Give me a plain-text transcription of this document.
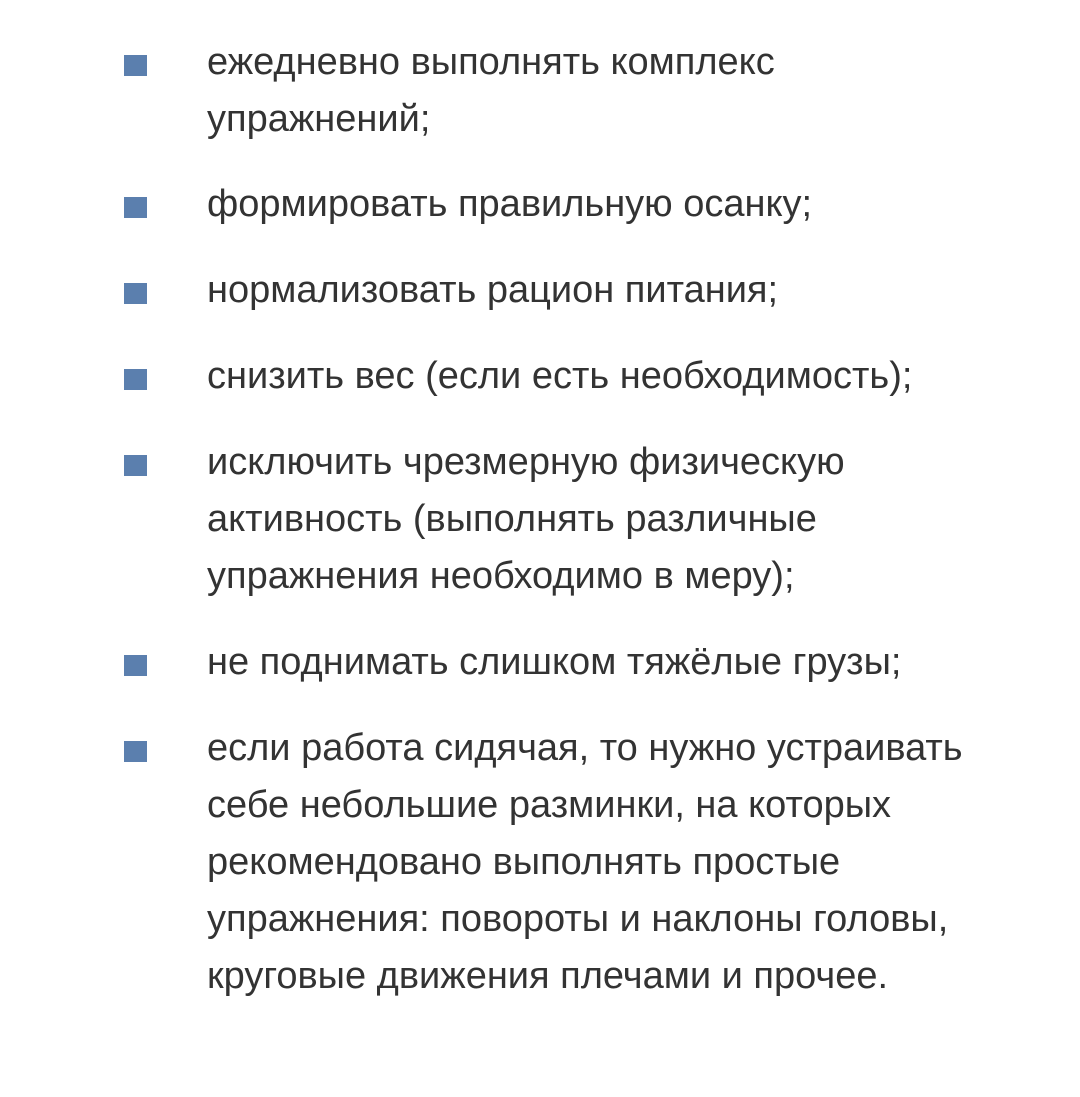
ежедневно выполнять комплекс упражнений;
формировать правильную осанку;
нормализовать рацион питания;
снизить вес (если есть необходимость);
исключить чрезмерную физическую активность (выполнять различные упражнения необходимо в меру);
не поднимать слишком тяжёлые грузы;
если работа сидячая, то нужно устраивать себе небольшие разминки, на которых рекомендовано выполнять простые упражнения: повороты и наклоны головы, круговые движения плечами и прочее.
